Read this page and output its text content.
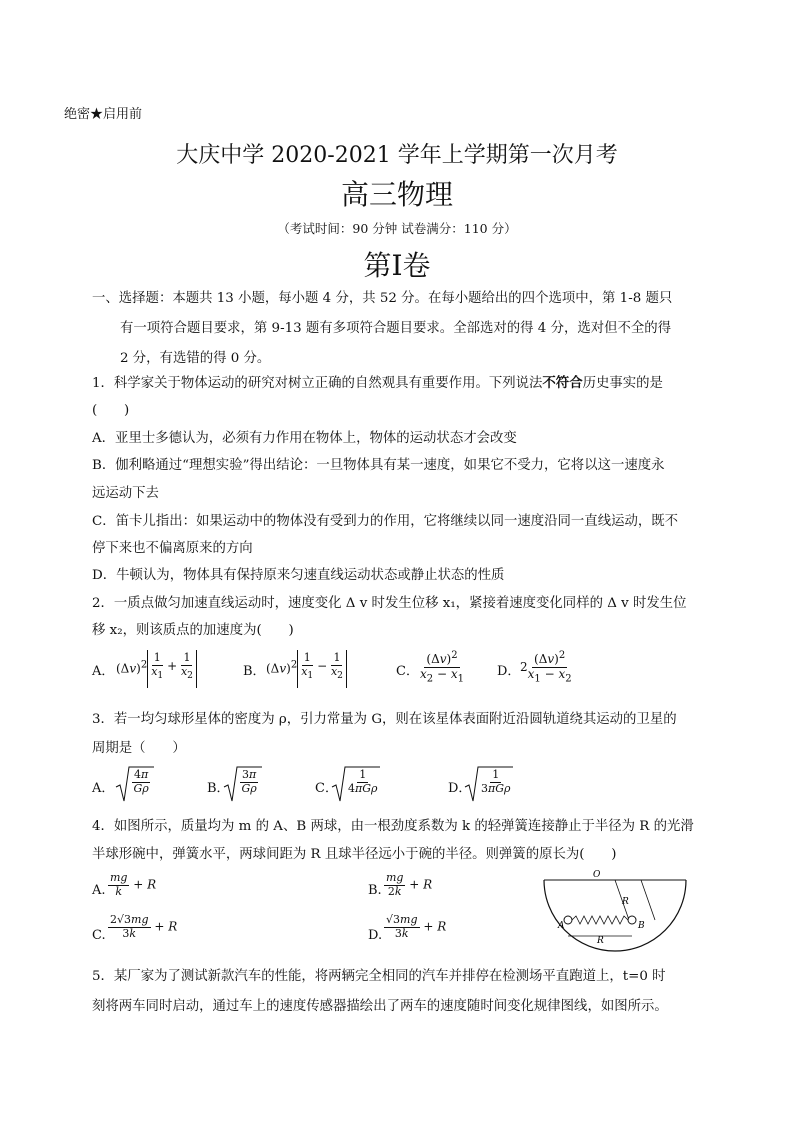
绝密★启用前
大庆中学 2020-2021 学年上学期第一次月考
高三物理
（考试时间：90 分钟 试卷满分：110 分）
第Ⅰ卷
一、选择题：本题共 13 小题，每小题 4 分，共 52 分。在每小题给出的四个选项中，第 1-8 题只
有一项符合题目要求，第 9-13 题有多项符合题目要求。全部选对的得 4 分，选对但不全的得
2 分，有选错的得 0 分。
1．科学家关于物体运动的研究对树立正确的自然观具有重要作用。下列说法不符合历史事实的是
(　　)
A．亚里士多德认为，必须有力作用在物体上，物体的运动状态才会改变
B．伽利略通过“理想实验”得出结论：一旦物体具有某一速度，如果它不受力，它将以这一速度永
远运动下去
C．笛卡儿指出：如果运动中的物体没有受到力的作用，它将继续以同一速度沿同一直线运动，既不
停下来也不偏离原来的方向
D．牛顿认为，物体具有保持原来匀速直线运动状态或静止状态的性质
2．一质点做匀加速直线运动时，速度变化 Δ v 时发生位移 x₁，紧接着速度变化同样的 Δ v 时发生位
移 x₂，则该质点的加速度为(　　)
A． $(\Delta v)^2 \frac{1}{x_1} + \frac{1}{x_2}$	B． $(\Delta v)^2 \frac{1}{x_1} - \frac{1}{x_2}$	C． $\frac{(\Delta v)^2}{x_2 - x_1}$	D． $2 \frac{(\Delta v)^2}{x_1 - x_2}$
3．若一均匀球形星体的密度为 ρ，引力常量为 G，则在该星体表面附近沿圆轨道绕其运动的卫星的
周期是（　　）
A． $\frac{4\pi}{G\rho}$	B． $\frac{3\pi}{G\rho}$	C．
1
4πGρ	D．
1
3πGρ
4．如图所示，质量均为 m 的 A、B 两球，由一根劲度系数为 k 的轻弹簧连接静止于半径为 R 的光滑
半球形碗中，弹簧水平，两球间距为 R 且球半径远小于碗的半径。则弹簧的原长为(　　)
A. $\frac{mg}{k} + R$	B. $\frac{mg}{2k} + R$
C. $\frac{2√3mg}{3k} + R$
D. $\frac{√3mg}{3k} + R$
O
R
A	B
R
5．某厂家为了测试新款汽车的性能，将两辆完全相同的汽车并排停在检测场平直跑道上，t=0 时
刻将两车同时启动，通过车上的速度传感器描绘出了两车的速度随时间变化规律图线，如图所示。
